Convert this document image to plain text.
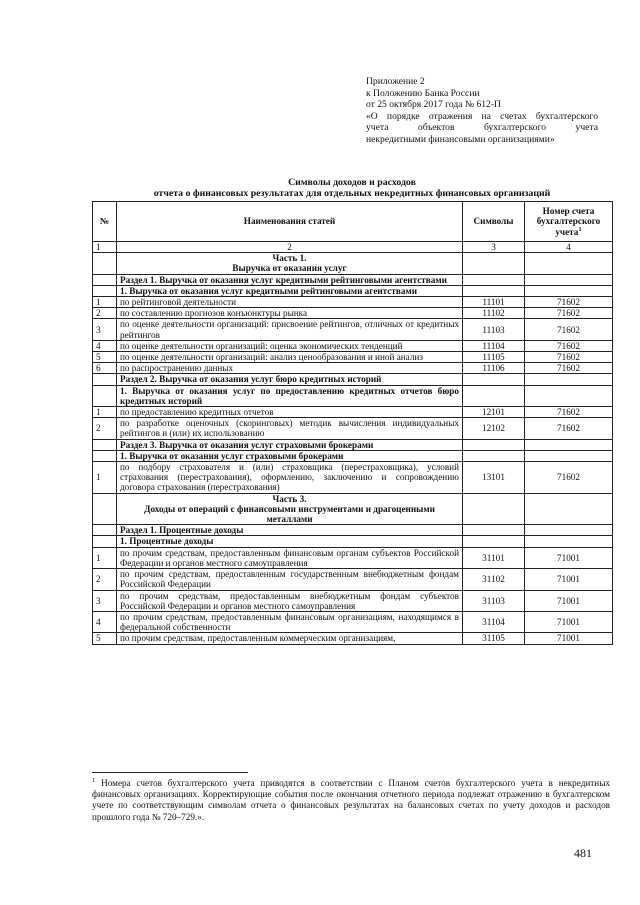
Приложение 2
к Положению Банка России
от 25 октября 2017 года № 612-П
«О порядке отражения на счетах бухгалтерского
учета объектов бухгалтерского учета
некредитными финансовыми организациями»
Символы доходов и расходов
отчета о финансовых результатах для отдельных некредитных финансовых организаций
№	Наименования статей	Символы	Номер счета бухгалтерского учета$^1$
1	2	3	4
	Часть 1.
Выручка от оказания услуг		
	Раздел 1. Выручка от оказания услуг кредитными рейтинговыми агентствами		
	1. Выручка от оказания услуг кредитными рейтинговыми агентствами		
1	по рейтинговой деятельности	11101	71602
2	по составлению прогнозов конъюнктуры рынка	11102	71602
3	по оценке деятельности организаций: присвоение рейтингов, отличных от кредитных рейтингов	11103	71602
4	по оценке деятельности организаций: оценка экономических тенденций	11104	71602
5	по оценке деятельности организаций: анализ ценообразования и иной анализ	11105	71602
6	по распространению данных	11106	71602
	Раздел 2. Выручка от оказания услуг бюро кредитных историй		
	1. Выручка от оказания услуг по предоставлению кредитных отчетов бюро кредитных историй		
1	по предоставлению кредитных отчетов	12101	71602
2	по разработке оценочных (скоринговых) методик вычисления индивидуальных рейтингов и (или) их использованию	12102	71602
	Раздел 3. Выручка от оказания услуг страховыми брокерами		
	1. Выручка от оказания услуг страховыми брокерами		
1	по подбору страхователя и (или) страховщика (перестраховщика), условий страхования (перестрахования), оформлению, заключению и сопровождению договора страхования (перестрахования)	13101	71602
	Часть 3.
Доходы от операций с финансовыми инструментами и драгоценными металлами		
	Раздел 1. Процентные доходы		
	1. Процентные доходы		
1	по прочим средствам, предоставленным финансовым органам субъектов Российской Федерации и органов местного самоуправления	31101	71001
2	по прочим средствам, предоставленным государственным внебюджетным фондам Российской Федерации	31102	71001
3	по прочим средствам, предоставленным внебюджетным фондам субъектов Российской Федерации и органов местного самоуправления	31103	71001
4	по прочим средствам, предоставленным финансовым организациям, находящимся в федеральной собственности	31104	71001
5	по прочим средствам, предоставленным коммерческим организациям,	31105	71001
$^1$ Номера счетов бухгалтерского учета приводятся в соответствии с Планом счетов бухгалтерского учета в некредитных финансовых организациях. Корректирующие события после окончания отчетного периода подлежат отражению в бухгалтерском учете по соответствующим символам отчета о финансовых результатах на балансовых счетах по учету доходов и расходов прошлого года № 720–729.».
481
